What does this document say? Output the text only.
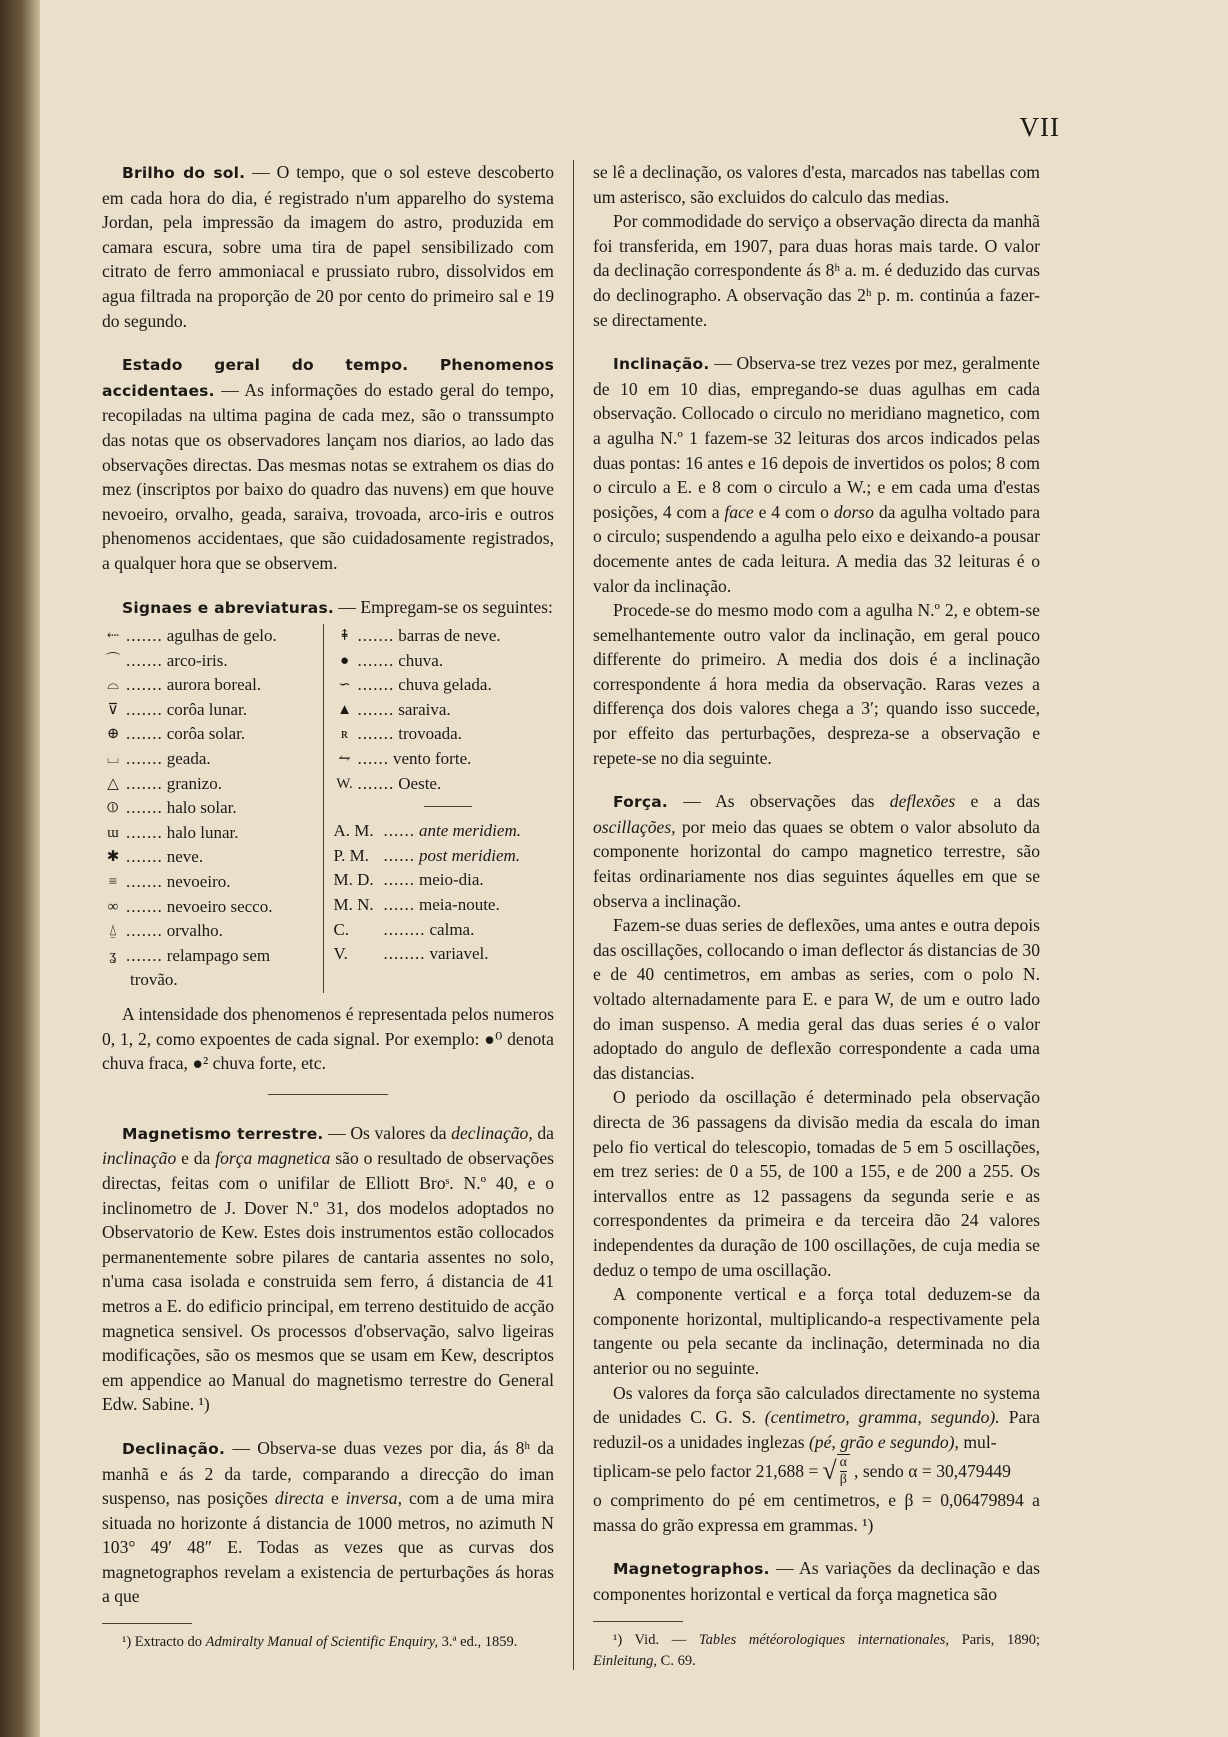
VII

Brilho do sol. — O tempo, que o sol esteve descoberto em cada hora do dia, é registrado n'um apparelho do systema Jordan, pela impressão da imagem do astro, produzida em camara escura, sobre uma tira de papel sensibilizado com citrato de ferro ammoniacal e prussiato rubro, dissolvidos em agua filtrada na proporção de 20 por cento do primeiro sal e 19 do segundo.

Estado geral do tempo. Phenomenos accidentaes. — As informações do estado geral do tempo, recopiladas na ultima pagina de cada mez, são o transsumpto das notas que os observadores lançam nos diarios, ao lado das observações directas. Das mesmas notas se extrahem os dias do mez (inscriptos por baixo do quadro das nuvens) em que houve nevoeiro, orvalho, geada, saraiva, trovoada, arco-iris e outros phenomenos accidentaes, que são cuidadosamente registrados, a qualquer hora que se observem.

Signaes e abreviaturas. — Empregam-se os seguintes:

⇠ ....... agulhas de gelo.
⌒ ....... arco-iris.
⌓ ....... aurora boreal.
⊽ ....... corôa lunar.
⊕ ....... corôa solar.
⌴ ....... geada.
△ ....... granizo.
⦶ ....... halo solar.
ɯ ....... halo lunar.
✱ ....... neve.
≡ ....... nevoeiro.
∞ ....... nevoeiro secco.
⍙ ....... orvalho.
ʓ ....... relampago sem
trovão.
⇞ ....... barras de neve.
● ....... chuva.
∽ ....... chuva gelada.
▲ ....... saraiva.
ʀ ....... trovoada.
⥊ ...... vento forte.
W. ....... Oeste.
A. M. ...... ante meridiem.
P. M. ...... post meridiem.
M. D. ...... meio-dia.
M. N. ...... meia-noute.
C.	........ calma.
V.	........ variavel.

A intensidade dos phenomenos é representada pelos numeros 0, 1, 2, como expoentes de cada signal. Por exemplo: ●⁰ denota chuva fraca, ●² chuva forte, etc.

Magnetismo terrestre. — Os valores da declinação, da inclinação e da força magnetica são o resultado de observações directas, feitas com o unifilar de Elliott Broˢ. N.º 40, e o inclinometro de J. Dover N.º 31, dos modelos adoptados no Observatorio de Kew. Estes dois instrumentos estão collocados permanentemente sobre pilares de cantaria assentes no solo, n'uma casa isolada e construida sem ferro, á distancia de 41 metros a E. do edificio principal, em terreno destituido de acção magnetica sensivel. Os processos d'observação, salvo ligeiras modificações, são os mesmos que se usam em Kew, descriptos em appendice ao Manual do magnetismo terrestre do General Edw. Sabine. ¹)

Declinação. — Observa-se duas vezes por dia, ás 8ʰ da manhã e ás 2 da tarde, comparando a direcção do iman suspenso, nas posições directa e inversa, com a de uma mira situada no horizonte á distancia de 1000 metros, no azimuth N 103° 49′ 48″ E. Todas as vezes que as curvas dos magnetographos revelam a existencia de perturbações ás horas a que

¹) Extracto do Admiralty Manual of Scientific Enquiry, 3.ª ed., 1859.

se lê a declinação, os valores d'esta, marcados nas tabellas com um asterisco, são excluidos do calculo das medias.

Por commodidade do serviço a observação directa da manhã foi transferida, em 1907, para duas horas mais tarde. O valor da declinação correspondente ás 8ʰ a. m. é deduzido das curvas do declinographo. A observação das 2ʰ p. m. continúa a fazer-se directamente.

Inclinação. — Observa-se trez vezes por mez, geralmente de 10 em 10 dias, empregando-se duas agulhas em cada observação. Collocado o circulo no meridiano magnetico, com a agulha N.º 1 fazem-se 32 leituras dos arcos indicados pelas duas pontas: 16 antes e 16 depois de invertidos os polos; 8 com o circulo a E. e 8 com o circulo a W.; e em cada uma d'estas posições, 4 com a face e 4 com o dorso da agulha voltado para o circulo; suspendendo a agulha pelo eixo e deixando-a pousar docemente antes de cada leitura. A media das 32 leituras é o valor da inclinação.

Procede-se do mesmo modo com a agulha N.º 2, e obtem-se semelhantemente outro valor da inclinação, em geral pouco differente do primeiro. A media dos dois é a inclinação correspondente á hora media da observação. Raras vezes a differença dos dois valores chega a 3′; quando isso succede, por effeito das perturbações, despreza-se a observação e repete-se no dia seguinte.

Força. — As observações das deflexões e a das oscillações, por meio das quaes se obtem o valor absoluto da componente horizontal do campo magnetico terrestre, são feitas ordinariamente nos dias seguintes áquelles em que se observa a inclinação.

Fazem-se duas series de deflexões, uma antes e outra depois das oscillações, collocando o iman deflector ás distancias de 30 e de 40 centimetros, em ambas as series, com o polo N. voltado alternadamente para E. e para W, de um e outro lado do iman suspenso. A media geral das duas series é o valor adoptado do angulo de deflexão correspondente a cada uma das distancias.

O periodo da oscillação é determinado pela observação directa de 36 passagens da divisão media da escala do iman pelo fio vertical do telescopio, tomadas de 5 em 5 oscillações, em trez series: de 0 a 55, de 100 a 155, e de 200 a 255. Os intervallos entre as 12 passagens da segunda serie e as correspondentes da primeira e da terceira dão 24 valores independentes da duração de 100 oscillações, de cuja media se deduz o tempo de uma oscillação.

A componente vertical e a força total deduzem-se da componente horizontal, multiplicando-a respectivamente pela tangente ou pela secante da inclinação, determinada no dia anterior ou no seguinte.

Os valores da força são calculados directamente no systema de unidades C. G. S. (centimetro, gramma, segundo). Para reduzil-os a unidades inglezas (pé, grão e segundo), mul-

tiplicam-se pelo factor 21,688 = √ $\frac{\alpha}{\beta}$ , sendo α = 30,479449

o comprimento do pé em centimetros, e β = 0,06479894 a massa do grão expressa em grammas. ¹)

Magnetographos. — As variações da declinação e das componentes horizontal e vertical da força magnetica são

¹) Vid. — Tables météorologiques internationales, Paris, 1890; Einleitung, C. 69.
